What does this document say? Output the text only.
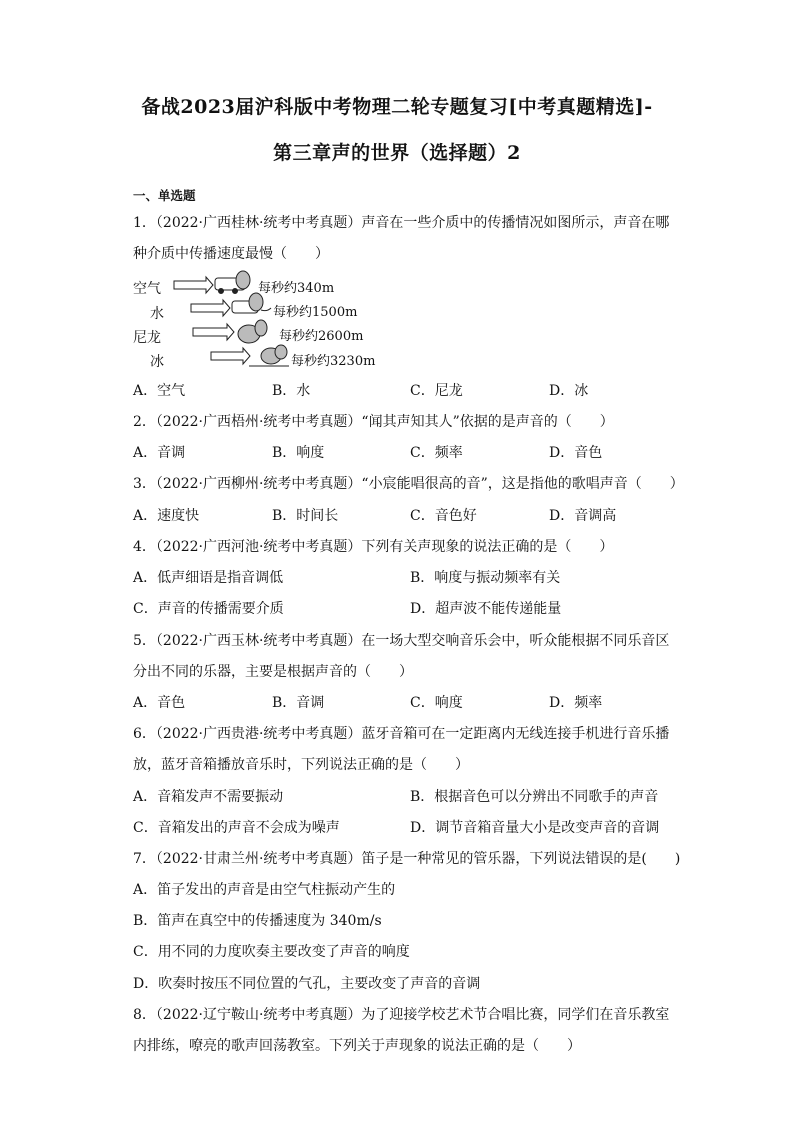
备战2023届沪科版中考物理二轮专题复习[中考真题精选]-
第三章声的世界（选择题）2
一、单选题
1．（2022·广西桂林·统考中考真题）声音在一些介质中的传播情况如图所示，声音在哪
种介质中传播速度最慢（　　）
空气
水
尼龙
冰
每秒约340m
每秒约1500m
每秒约2600m
每秒约3230m
A．空气	B．水	C．尼龙	D．冰
2．（2022·广西梧州·统考中考真题）“闻其声知其人”依据的是声音的（　　）
A．音调	B．响度	C．频率	D．音色
3．（2022·广西柳州·统考中考真题）“小宸能唱很高的音”，这是指他的歌唱声音（　　）
A．速度快	B．时间长	C．音色好	D．音调高
4．（2022·广西河池·统考中考真题）下列有关声现象的说法正确的是（　　）
A．低声细语是指音调低	B．响度与振动频率有关
C．声音的传播需要介质	D．超声波不能传递能量
5．（2022·广西玉林·统考中考真题）在一场大型交响音乐会中，听众能根据不同乐音区
分出不同的乐器，主要是根据声音的（　　）
A．音色	B．音调	C．响度	D．频率
6．（2022·广西贵港·统考中考真题）蓝牙音箱可在一定距离内无线连接手机进行音乐播
放，蓝牙音箱播放音乐时，下列说法正确的是（　　）
A．音箱发声不需要振动	B．根据音色可以分辨出不同歌手的声音
C．音箱发出的声音不会成为噪声	D．调节音箱音量大小是改变声音的音调
7．（2022·甘肃兰州·统考中考真题）笛子是一种常见的管乐器，下列说法错误的是(　　)
A．笛子发出的声音是由空气柱振动产生的
B．笛声在真空中的传播速度为 340m/s
C．用不同的力度吹奏主要改变了声音的响度
D．吹奏时按压不同位置的气孔，主要改变了声音的音调
8．（2022·辽宁鞍山·统考中考真题）为了迎接学校艺术节合唱比赛，同学们在音乐教室
内排练，嘹亮的歌声回荡教室。下列关于声现象的说法正确的是（　　）
